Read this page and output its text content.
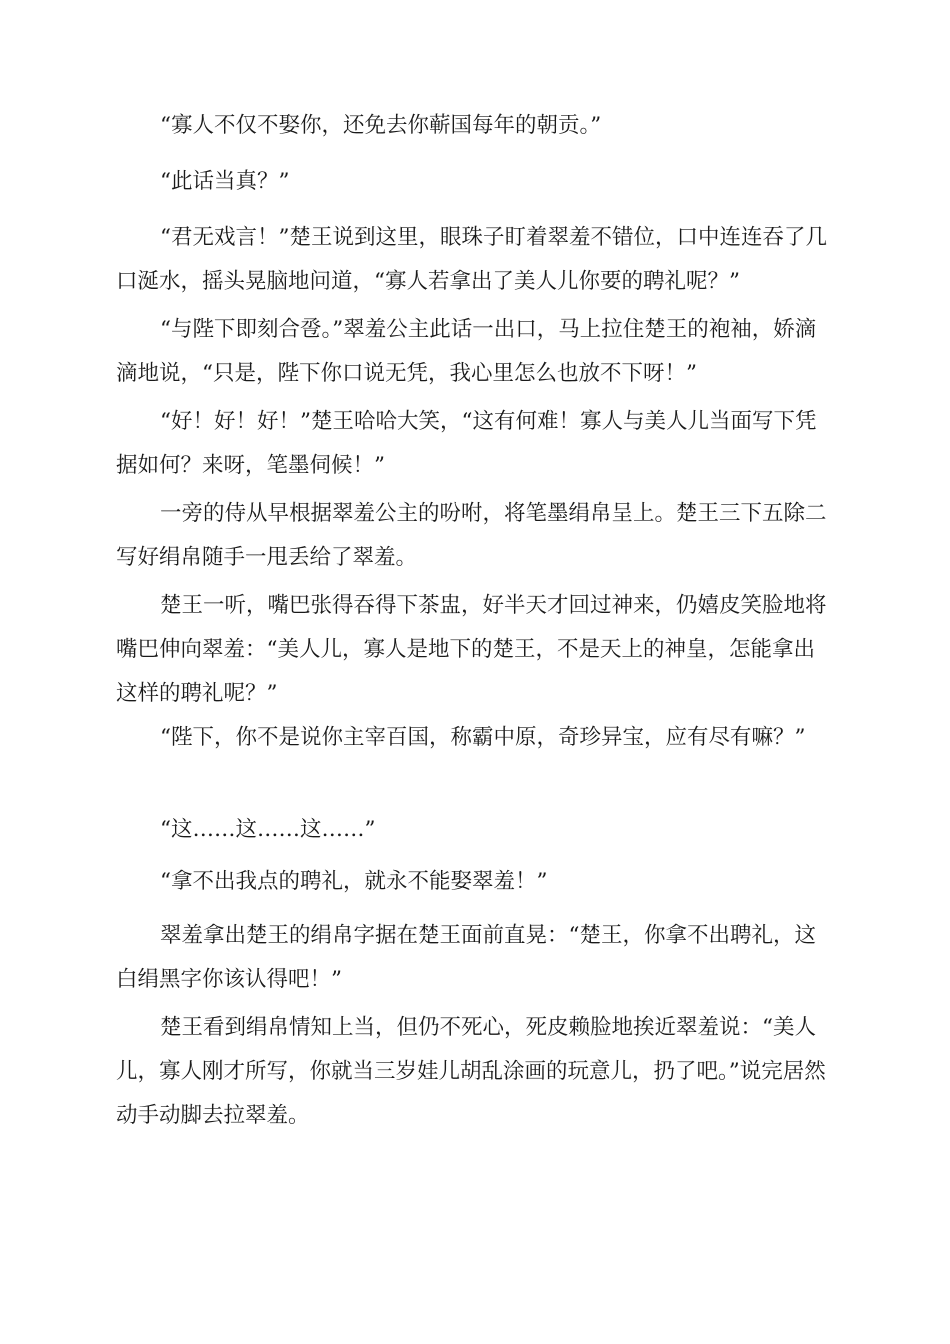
“寡人不仅不娶你，还免去你蕲国每年的朝贡。”

“此话当真？”

“君无戏言！”楚王说到这里，眼珠子盯着翠羞不错位，口中连连吞了几口涎水，摇头晃脑地问道，“寡人若拿出了美人儿你要的聘礼呢？”

“与陛下即刻合卺。”翠羞公主此话一出口，马上拉住楚王的袍袖，娇滴滴地说，“只是，陛下你口说无凭，我心里怎么也放不下呀！”

“好！好！好！”楚王哈哈大笑，“这有何难！寡人与美人儿当面写下凭据如何？来呀，笔墨伺候！”

一旁的侍从早根据翠羞公主的吩咐，将笔墨绢帛呈上。楚王三下五除二写好绢帛随手一甩丢给了翠羞。

楚王一听，嘴巴张得吞得下茶盅，好半天才回过神来，仍嬉皮笑脸地将嘴巴伸向翠羞：“美人儿，寡人是地下的楚王，不是天上的神皇，怎能拿出这样的聘礼呢？”

“陛下，你不是说你主宰百国，称霸中原，奇珍异宝，应有尽有嘛？”

“这……这……这……”

“拿不出我点的聘礼，就永不能娶翠羞！”

翠羞拿出楚王的绢帛字据在楚王面前直晃：“楚王，你拿不出聘礼，这白绢黑字你该认得吧！”

楚王看到绢帛情知上当，但仍不死心，死皮赖脸地挨近翠羞说：“美人儿，寡人刚才所写，你就当三岁娃儿胡乱涂画的玩意儿，扔了吧。”说完居然动手动脚去拉翠羞。
